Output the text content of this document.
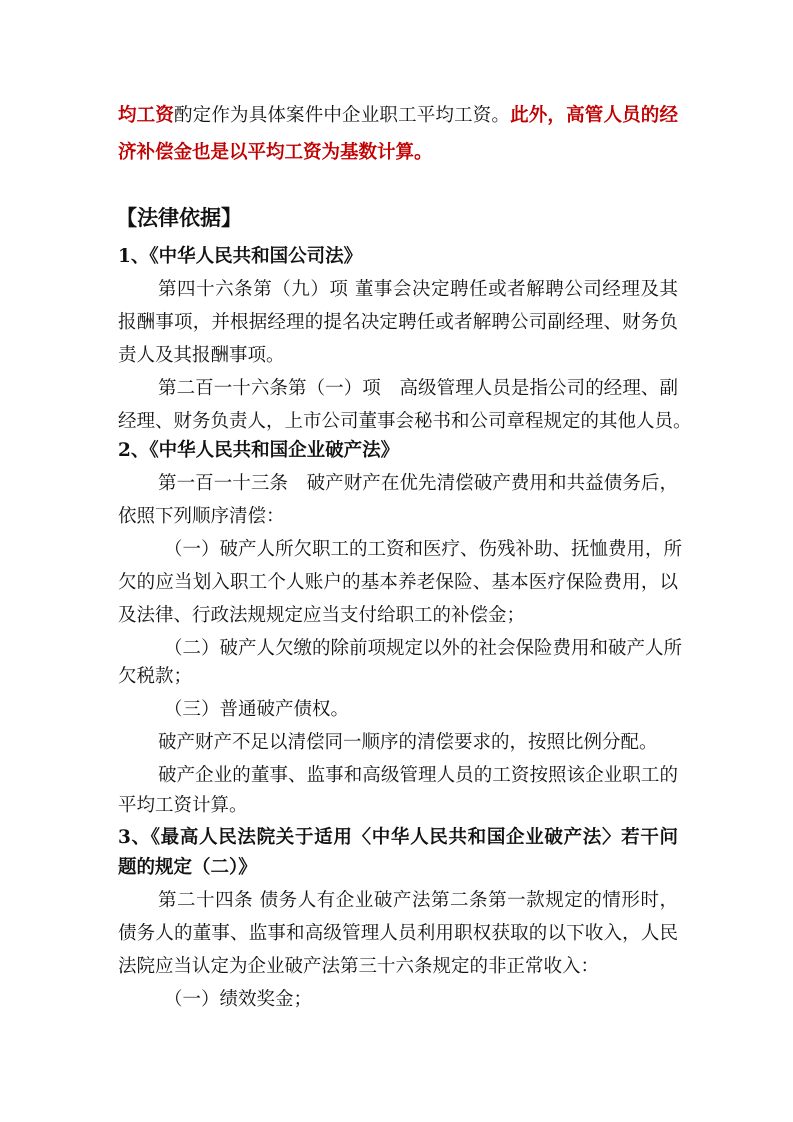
均工资酌定作为具体案件中企业职工平均工资。此外，高管人员的经
济补偿金也是以平均工资为基数计算。
【法律依据】
1、《中华人民共和国公司法》
第四十六条第（九）项 董事会决定聘任或者解聘公司经理及其
报酬事项，并根据经理的提名决定聘任或者解聘公司副经理、财务负
责人及其报酬事项。
第二百一十六条第（一）项　高级管理人员是指公司的经理、副
经理、财务负责人，上市公司董事会秘书和公司章程规定的其他人员。
2、《中华人民共和国企业破产法》
第一百一十三条　破产财产在优先清偿破产费用和共益债务后，
依照下列顺序清偿：
（一）破产人所欠职工的工资和医疗、伤残补助、抚恤费用，所
欠的应当划入职工个人账户的基本养老保险、基本医疗保险费用，以
及法律、行政法规规定应当支付给职工的补偿金；
（二）破产人欠缴的除前项规定以外的社会保险费用和破产人所
欠税款；
（三）普通破产债权。
破产财产不足以清偿同一顺序的清偿要求的，按照比例分配。
破产企业的董事、监事和高级管理人员的工资按照该企业职工的
平均工资计算。
3、《最高人民法院关于适用〈中华人民共和国企业破产法〉若干问
题的规定（二）》
第二十四条 债务人有企业破产法第二条第一款规定的情形时，
债务人的董事、监事和高级管理人员利用职权获取的以下收入，人民
法院应当认定为企业破产法第三十六条规定的非正常收入：
（一）绩效奖金；
